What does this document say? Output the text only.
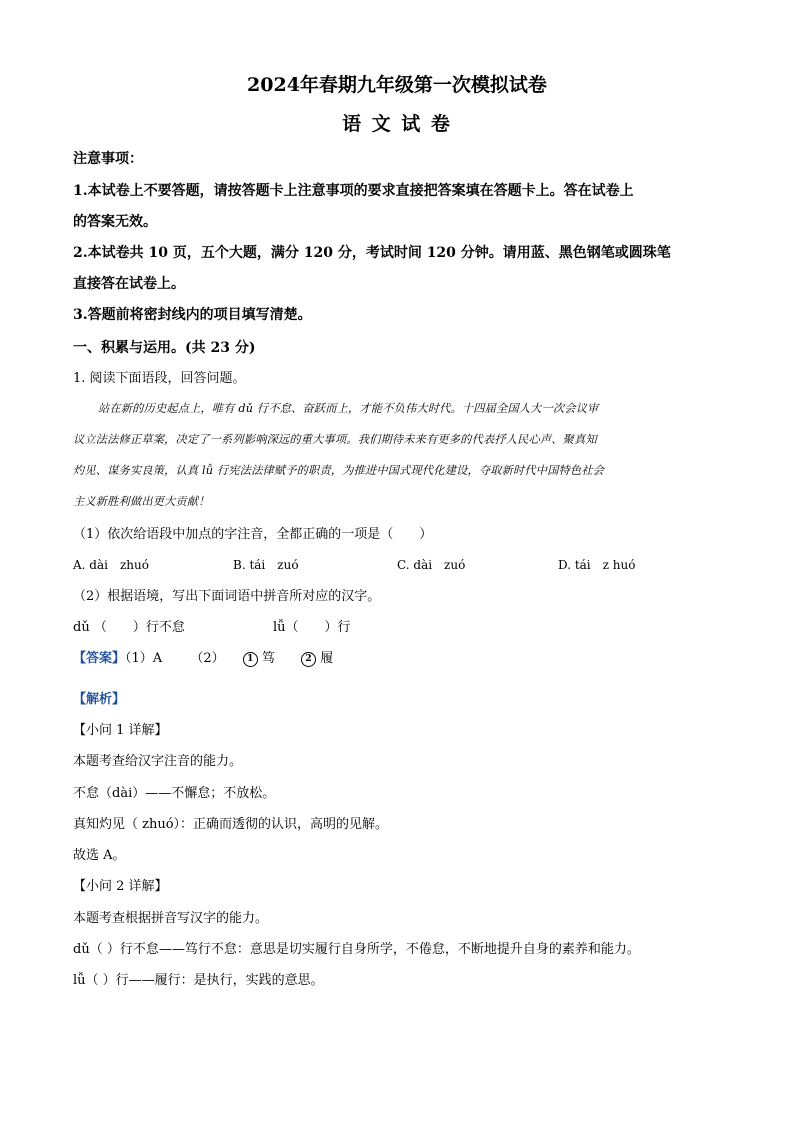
2024年春期九年级第一次模拟试卷
语 文 试 卷
注意事项：
1.本试卷上不要答题，请按答题卡上注意事项的要求直接把答案填在答题卡上。答在试卷上
的答案无效。
2.本试卷共 10 页，五个大题，满分 120 分，考试时间 120 分钟。请用蓝、黑色钢笔或圆珠笔
直接答在试卷上。
3.答题前将密封线内的项目填写清楚。
一、积累与运用。(共 23 分)
1. 阅读下面语段，回答问题。
站在新的历史起点上，唯有 dǔ 行不怠、奋跃而上，才能不负伟大时代。十四届全国人大一次会议审
议立法法修正草案，决定了一系列影响深远的重大事项。我们期待未来有更多的代表抒人民心声、聚真知
灼见、谋务实良策，认真 lǚ 行宪法法律赋予的职责，为推进中国式现代化建设，夺取新时代中国特色社会
主义新胜利做出更大贡献！
（1）依次给语段中加点的字注音，全都正确的一项是（　　）
A. dài　zhuó	B. tái　zuó	C. dài　zuó	D. tái　z huó
（2）根据语境，写出下面词语中拼音所对应的汉字。
dǔ （　　）行不怠	lǚ（　　）行
【答案】（1）A （2）	1 笃	2 履
【解析】
【小问 1 详解】
本题考查给汉字注音的能力。
不怠（dài）——不懈怠；不放松。
真知灼见（ zhuó）：正确而透彻的认识，高明的见解。
故选 A。
【小问 2 详解】
本题考查根据拼音写汉字的能力。
dǔ（ ）行不怠——笃行不怠：意思是切实履行自身所学，不倦怠，不断地提升自身的素养和能力。
lǚ（ ）行——履行：是执行，实践的意思。
